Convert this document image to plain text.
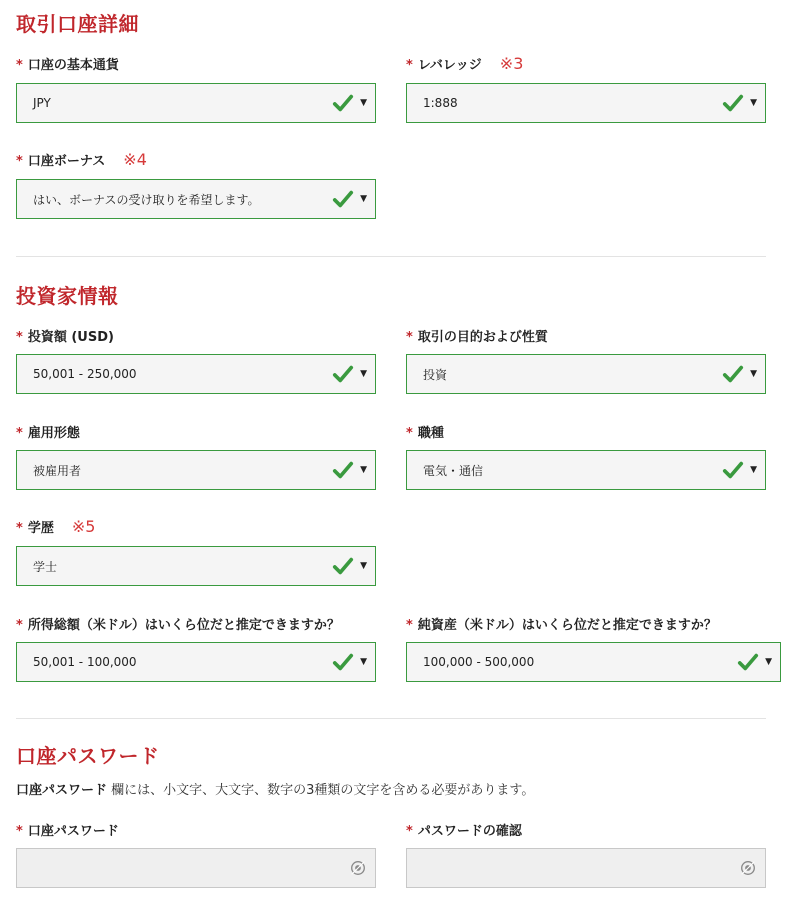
取引口座詳細
* 口座の基本通貨
JPY	▼
* レバレッジ ※3
1:888	▼
* 口座ボーナス ※4
はい、ボーナスの受け取りを希望します。	▼
投資家情報
* 投資額 (USD)
50,001 - 250,000	▼
* 取引の目的および性質
投資	▼
* 雇用形態
被雇用者	▼
* 職種
電気・通信	▼
* 学歴 ※5
学士	▼
* 所得総額（米ドル）はいくら位だと推定できますか？
50,001 - 100,000	▼
* 純資産（米ドル）はいくら位だと推定できますか？
100,000 - 500,000	▼
口座パスワード
口座パスワード 欄には、小文字、大文字、数字の3種類の文字を含める必要があります。
* 口座パスワード	* パスワードの確認
